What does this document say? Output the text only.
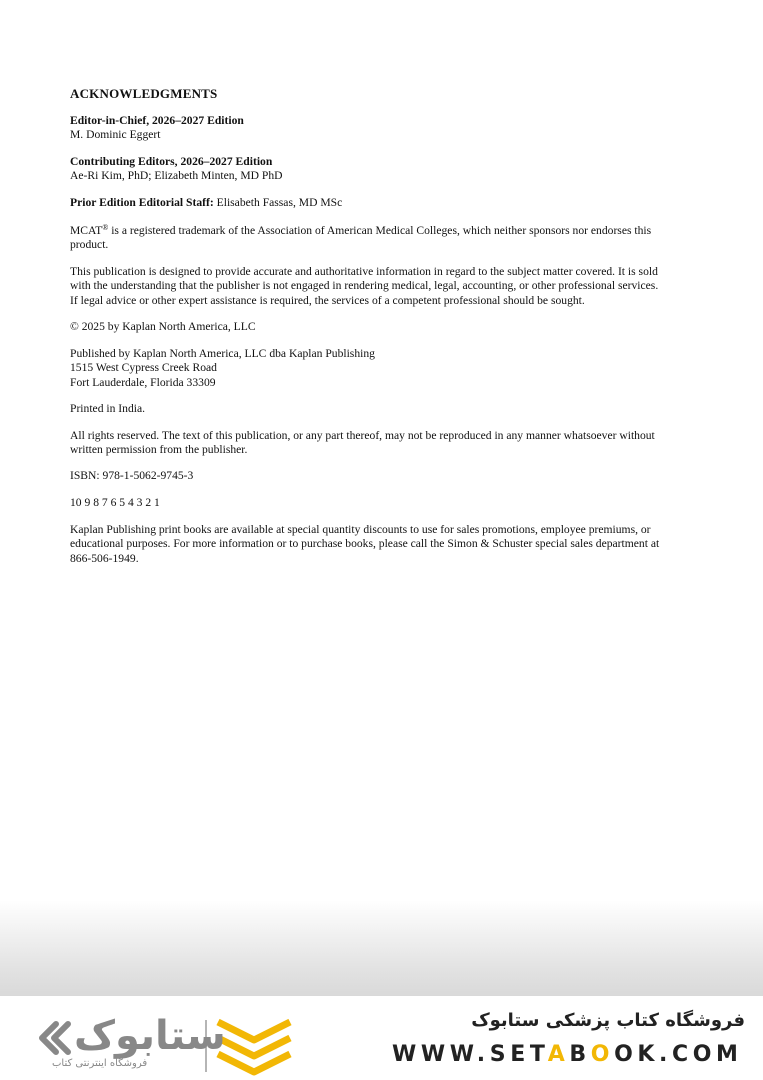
ACKNOWLEDGMENTS
Editor-in-Chief, 2026–2027 Edition
M. Dominic Eggert
Contributing Editors, 2026–2027 Edition
Ae-Ri Kim, PhD; Elizabeth Minten, MD PhD
Prior Edition Editorial Staff: Elisabeth Fassas, MD MSc
MCAT® is a registered trademark of the Association of American Medical Colleges, which neither sponsors nor endorses this
product.
This publication is designed to provide accurate and authoritative information in regard to the subject matter covered. It is sold
with the understanding that the publisher is not engaged in rendering medical, legal, accounting, or other professional services.
If legal advice or other expert assistance is required, the services of a competent professional should be sought.
© 2025 by Kaplan North America, LLC
Published by Kaplan North America, LLC dba Kaplan Publishing
1515 West Cypress Creek Road
Fort Lauderdale, Florida 33309
Printed in India.
All rights reserved. The text of this publication, or any part thereof, may not be reproduced in any manner whatsoever without
written permission from the publisher.
ISBN: 978-1-5062-9745-3
10 9 8 7 6 5 4 3 2 1
Kaplan Publishing print books are available at special quantity discounts to use for sales promotions, employee premiums, or
educational purposes. For more information or to purchase books, please call the Simon & Schuster special sales department at
866-506-1949.
ستابوک
فروشگاه اینترنتی کتاب
فروشگاه کتاب پزشکی ستابوک
WWW.SETABOOK.COM
